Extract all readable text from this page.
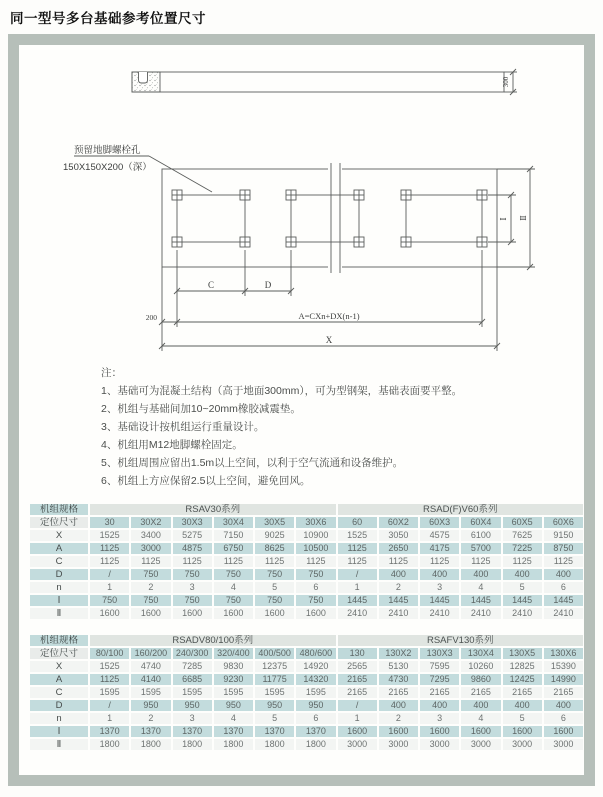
同一型号多台基础参考位置尺寸
预留地脚螺栓孔
150X150X200（深）
300
Ⅰ Ⅱ
C	D
200	A=CXn+DX(n-1)
X
注：
1、基础可为混凝土结构（高于地面300mm），可为型钢架，基础表面要平整。
2、机组与基础间加10~20mm橡胶减震垫。
3、基础设计按机组运行重量设计。
4、机组用M12地脚螺栓固定。
5、机组周围应留出1.5m以上空间，以利于空气流通和设备维护。
6、机组上方应保留2.5以上空间，避免回风。
机组规格	RSAV30系列						RSAD(F)V60系列					
定位尺寸	30	30X2	30X3	30X4	30X5	30X6	60	60X2	60X3	60X4	60X5	60X6
X	1525	3400	5275	7150	9025	10900	1525	3050	4575	6100	7625	9150
A	1125	3000	4875	6750	8625	10500	1125	2650	4175	5700	7225	8750
C	1125	1125	1125	1125	1125	1125	1125	1125	1125	1125	1125	1125
D	/	750	750	750	750	750	/	400	400	400	400	400
n	1	2	3	4	5	6	1	2	3	4	5	6
Ⅰ	750	750	750	750	750	750	1445	1445	1445	1445	1445	1445
Ⅱ	1600	1600	1600	1600	1600	1600	2410	2410	2410	2410	2410	2410
机组规格	RSADV80/100系列						RSAFV130系列					
定位尺寸	80/100	160/200	240/300	320/400	400/500	480/600	130	130X2	130X3	130X4	130X5	130X6
X	1525	4740	7285	9830	12375	14920	2565	5130	7595	10260	12825	15390
A	1125	4140	6685	9230	11775	14320	2165	4730	7295	9860	12425	14990
C	1595	1595	1595	1595	1595	1595	2165	2165	2165	2165	2165	2165
D	/	950	950	950	950	950	/	400	400	400	400	400
n	1	2	3	4	5	6	1	2	3	4	5	6
Ⅰ	1370	1370	1370	1370	1370	1370	1600	1600	1600	1600	1600	1600
Ⅱ	1800	1800	1800	1800	1800	1800	3000	3000	3000	3000	3000	3000
